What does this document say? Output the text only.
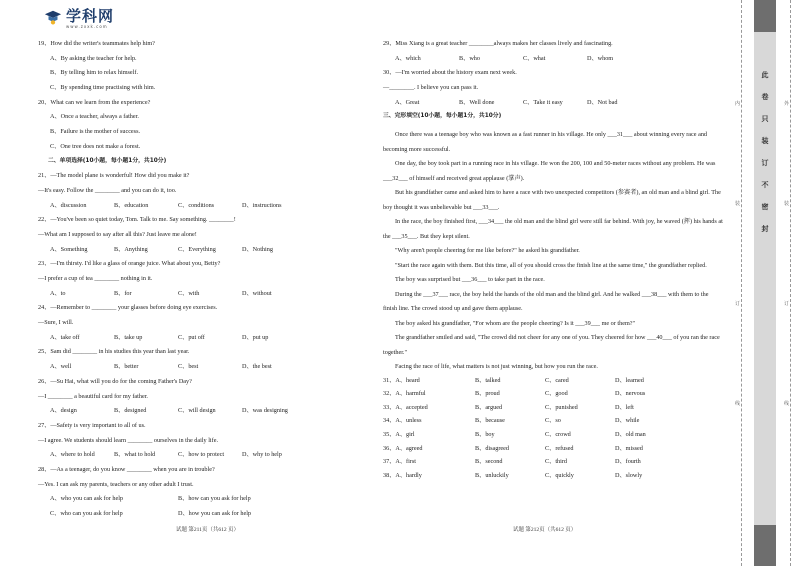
学科网
www.zxxk.com
19、How did the writer's teammates help him?
A、By asking the teacher for help.
B、By telling him to relax himself.
C、By spending time practising with him.
20、What can we learn from the experience?
A、Once a teacher, always a father.
B、Failure is the mother of success.
C、One tree does not make a forest.
二、单项选择(10小题，每小题1分，共10分)
21、—The model plane is wonderful! How did you make it?
—It's easy. Follow the ________ and you can do it, too.
A、discussion	B、education	C、conditions	D、instructions
22、—You've been so quiet today, Tom. Talk to me. Say something. ________!
—What am I supposed to say after all this? Just leave me alone!
A、Something	B、Anything	C、Everything	D、Nothing
23、—I'm thirsty. I'd like a glass of orange juice. What about you, Betty?
—I prefer a cup of tea ________ nothing in it.
A、to	B、for	C、with	D、without
24、—Remember to ________ your glasses before doing eye exercises.
—Sure, I will.
A、take off	B、take up	C、put off	D、put up
25、Sam did ________ in his studies this year than last year.
A、well	B、better	C、best	D、the best
26、—Su Hai, what will you do for the coming Father's Day?
—I ________ a beautiful card for my father.
A、design	B、designed	C、will design	D、was designing
27、—Safety is very important to all of us.
—I agree. We students should learn ________ ourselves in the daily life.
A、where to hold	B、what to hold	C、how to protect	D、why to help
28、—As a teenager, do you know ________ when you are in trouble?
—Yes. I can ask my parents, teachers or any other adult I trust.
A、who you can ask for help	B、how can you ask for help
C、who can you ask for help	D、how you can ask for help
试题 第211页（共612 页）
29、Miss Xiang is a great teacher ________always makes her classes lively and fascinating.
A、which	B、who	C、what	D、whom
30、—I'm worried about the history exam next week.
—________. I believe you can pass it.
A、Great	B、Well done	C、Take it easy	D、Not bad
三、完形填空(10小题，每小题1分，共10分)
Once there was a teenage boy who was known as a fast runner in his village. He only ___31___ about winning every race and becoming more successful.
One day, the boy took part in a running race in his village. He won the 200, 100 and 50-meter races without any problem. He was ___32___ of himself and received great applause (掌声).
But his grandfather came and asked him to have a race with two unexpected competitors (参赛者), an old man and a blind girl. The boy thought it was unbelievable but ___33___.
In the race, the boy finished first, ___34___ the old man and the blind girl were still far behind. With joy, he waved (挥) his hands at the ___35___. But they kept silent.
"Why aren't people cheering for me like before?" he asked his grandfather.
"Start the race again with them. But this time, all of you should cross the finish line at the same time," the grandfather replied.
The boy was surprised but ___36___ to take part in the race.
During the ___37___ race, the boy held the hands of the old man and the blind girl. And he walked ___38___ with them to the finish line. The crowd stood up and gave them applause.
The boy asked his grandfather, "For whom are the people cheering? Is it ___39___ me or them?"
The grandfather smiled and said, "The crowd did not cheer for any one of you. They cheered for how ___40___ of you ran the race together."
Facing the race of life, what matters is not just winning, but how you run the race.
31、A、heard	B、talked	C、cared	D、learned
32、A、harmful	B、proud	C、good	D、nervous
33、A、accepted	B、argued	C、punished	D、left
34、A、unless	B、because	C、so	D、while
35、A、girl	B、boy	C、crowd	D、old man
36、A、agreed	B、disagreed	C、refused	D、missed
37、A、first	B、second	C、third	D、fourth
38、A、hardly	B、unluckily	C、quickly	D、slowly
试题 第212页（共612 页）
此
卷
只
装
订
不
密
封
内
装
订
线
外
装
订
线
